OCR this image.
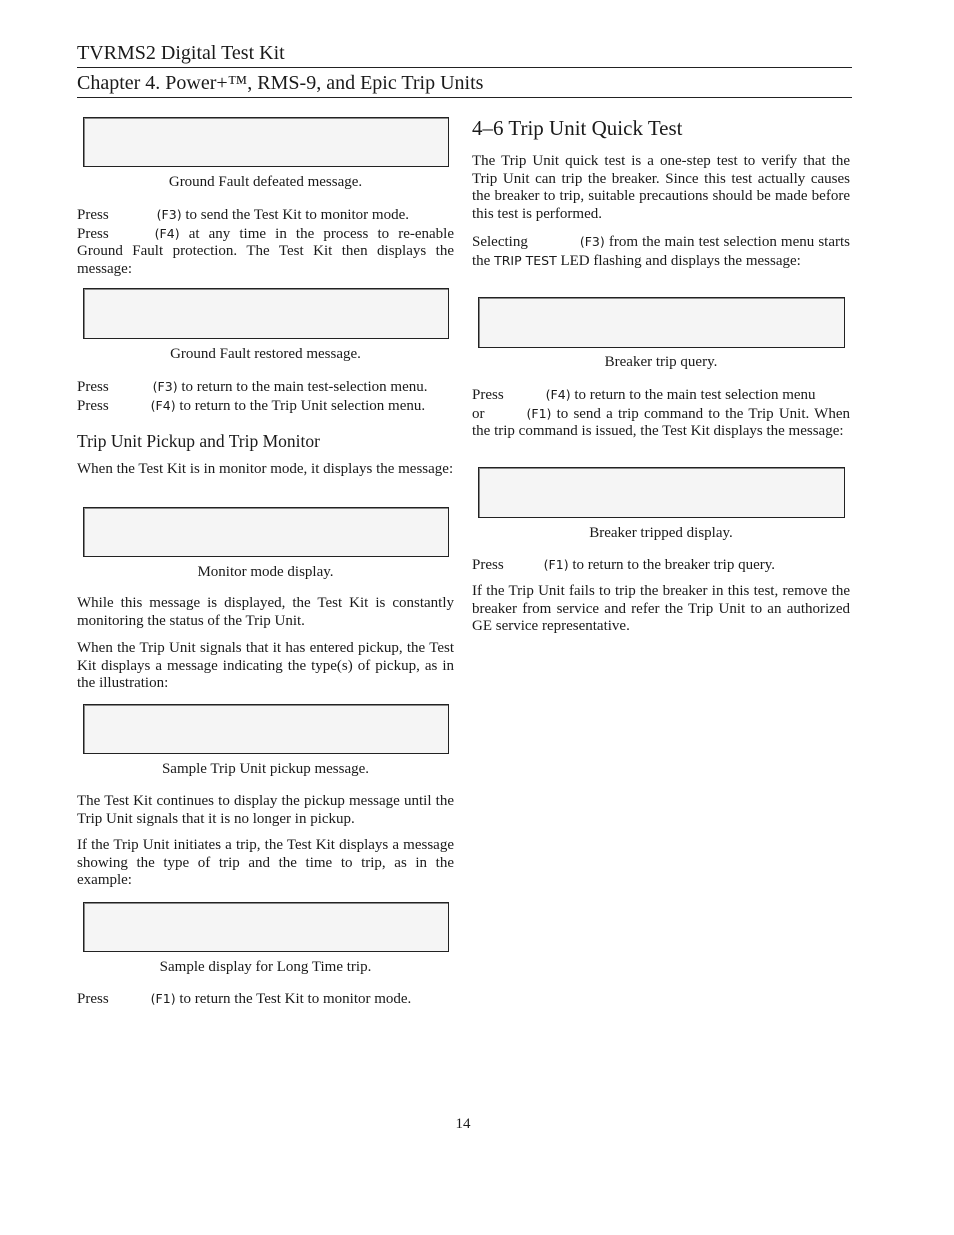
TVRMS2 Digital Test Kit
Chapter 4. Power+™, RMS-9, and Epic Trip Units
Ground Fault defeated message.

Press	(F3) to send the Test Kit to monitor mode.
Press	(F4) at any time in the process to re-enable Ground Fault protection. The Test Kit then displays the message:

Ground Fault restored message.

Press	(F3) to return to the main test-selection menu.
Press	(F4) to return to the Trip Unit selection menu.

Trip Unit Pickup and Trip Monitor

When the Test Kit is in monitor mode, it displays the message:

Monitor mode display.

While this message is displayed, the Test Kit is constantly monitoring the status of the Trip Unit.

When the Trip Unit signals that it has entered pickup, the Test Kit displays a message indicating the type(s) of pickup, as in the illustration:

Sample Trip Unit pickup message.

The Test Kit continues to display the pickup message until the Trip Unit signals that it is no longer in pickup.

If the Trip Unit initiates a trip, the Test Kit displays a message showing the type of trip and the time to trip, as in the example:

Sample display for Long Time trip.

Press	(F1) to return the Test Kit to monitor mode.

4–6 Trip Unit Quick Test

The Trip Unit quick test is a one-step test to verify that the Trip Unit can trip the breaker. Since this test actually causes the breaker to trip, suitable precautions should be made before this test is performed.

Selecting	(F3) from the main test selection menu starts the TRIP TEST LED flashing and displays the message:

Breaker trip query.

Press	(F4) to return to the main test selection menu
or	(F1) to send a trip command to the Trip Unit. When the trip command is issued, the Test Kit displays the message:

Breaker tripped display.

Press	(F1) to return to the breaker trip query.

If the Trip Unit fails to trip the breaker in this test, remove the breaker from service and refer the Trip Unit to an authorized GE service representative.

14
